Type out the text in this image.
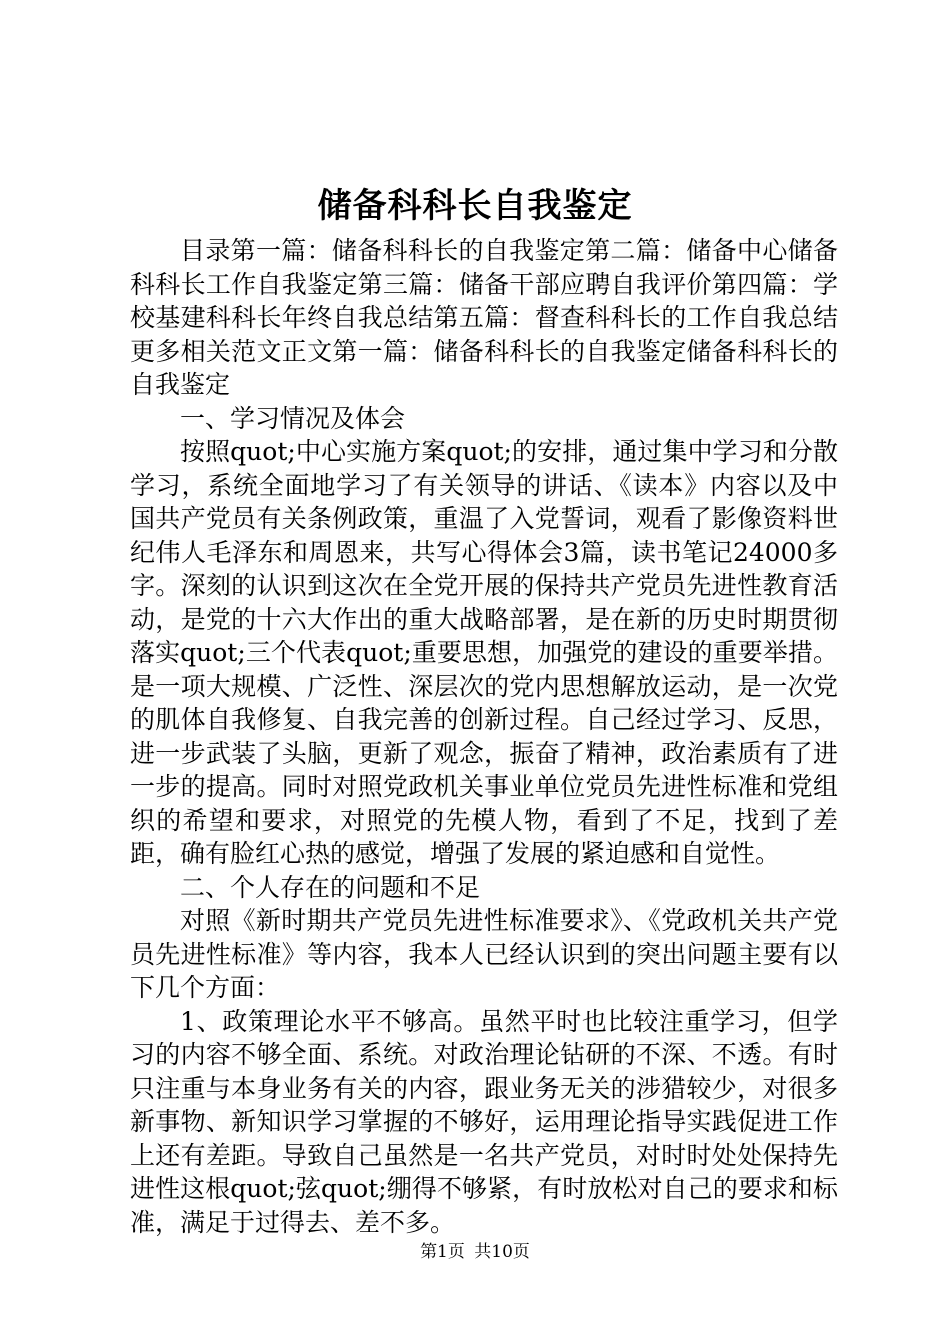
储备科科长自我鉴定

目录第一篇：储备科科长的自我鉴定第二篇：储备中心储备科科长工作自我鉴定第三篇：储备干部应聘自我评价第四篇：学校基建科科长年终自我总结第五篇：督查科科长的工作自我总结更多相关范文正文第一篇：储备科科长的自我鉴定储备科科长的自我鉴定

一、学习情况及体会

按照quot;中心实施方案quot;的安排，通过集中学习和分散学习，系统全面地学习了有关领导的讲话、《读本》内容以及中国共产党员有关条例政策，重温了入党誓词，观看了影像资料世纪伟人毛泽东和周恩来，共写心得体会3篇，读书笔记24000多字。深刻的认识到这次在全党开展的保持共产党员先进性教育活动，是党的十六大作出的重大战略部署，是在新的历史时期贯彻落实quot;三个代表quot;重要思想，加强党的建设的重要举措。是一项大规模、广泛性、深层次的党内思想解放运动，是一次党的肌体自我修复、自我完善的创新过程。自己经过学习、反思，进一步武装了头脑，更新了观念，振奋了精神，政治素质有了进一步的提高。同时对照党政机关事业单位党员先进性标准和党组织的希望和要求，对照党的先模人物，看到了不足，找到了差距，确有脸红心热的感觉，增强了发展的紧迫感和自觉性。

二、个人存在的问题和不足

对照《新时期共产党员先进性标准要求》、《党政机关共产党员先进性标准》等内容，我本人已经认识到的突出问题主要有以下几个方面：

1、政策理论水平不够高。虽然平时也比较注重学习，但学习的内容不够全面、系统。对政治理论钻研的不深、不透。有时只注重与本身业务有关的内容，跟业务无关的涉猎较少，对很多新事物、新知识学习掌握的不够好，运用理论指导实践促进工作上还有差距。导致自己虽然是一名共产党员，对时时处处保持先进性这根quot;弦quot;绷得不够紧，有时放松对自己的要求和标准，满足于过得去、差不多。

第1页 共10页
